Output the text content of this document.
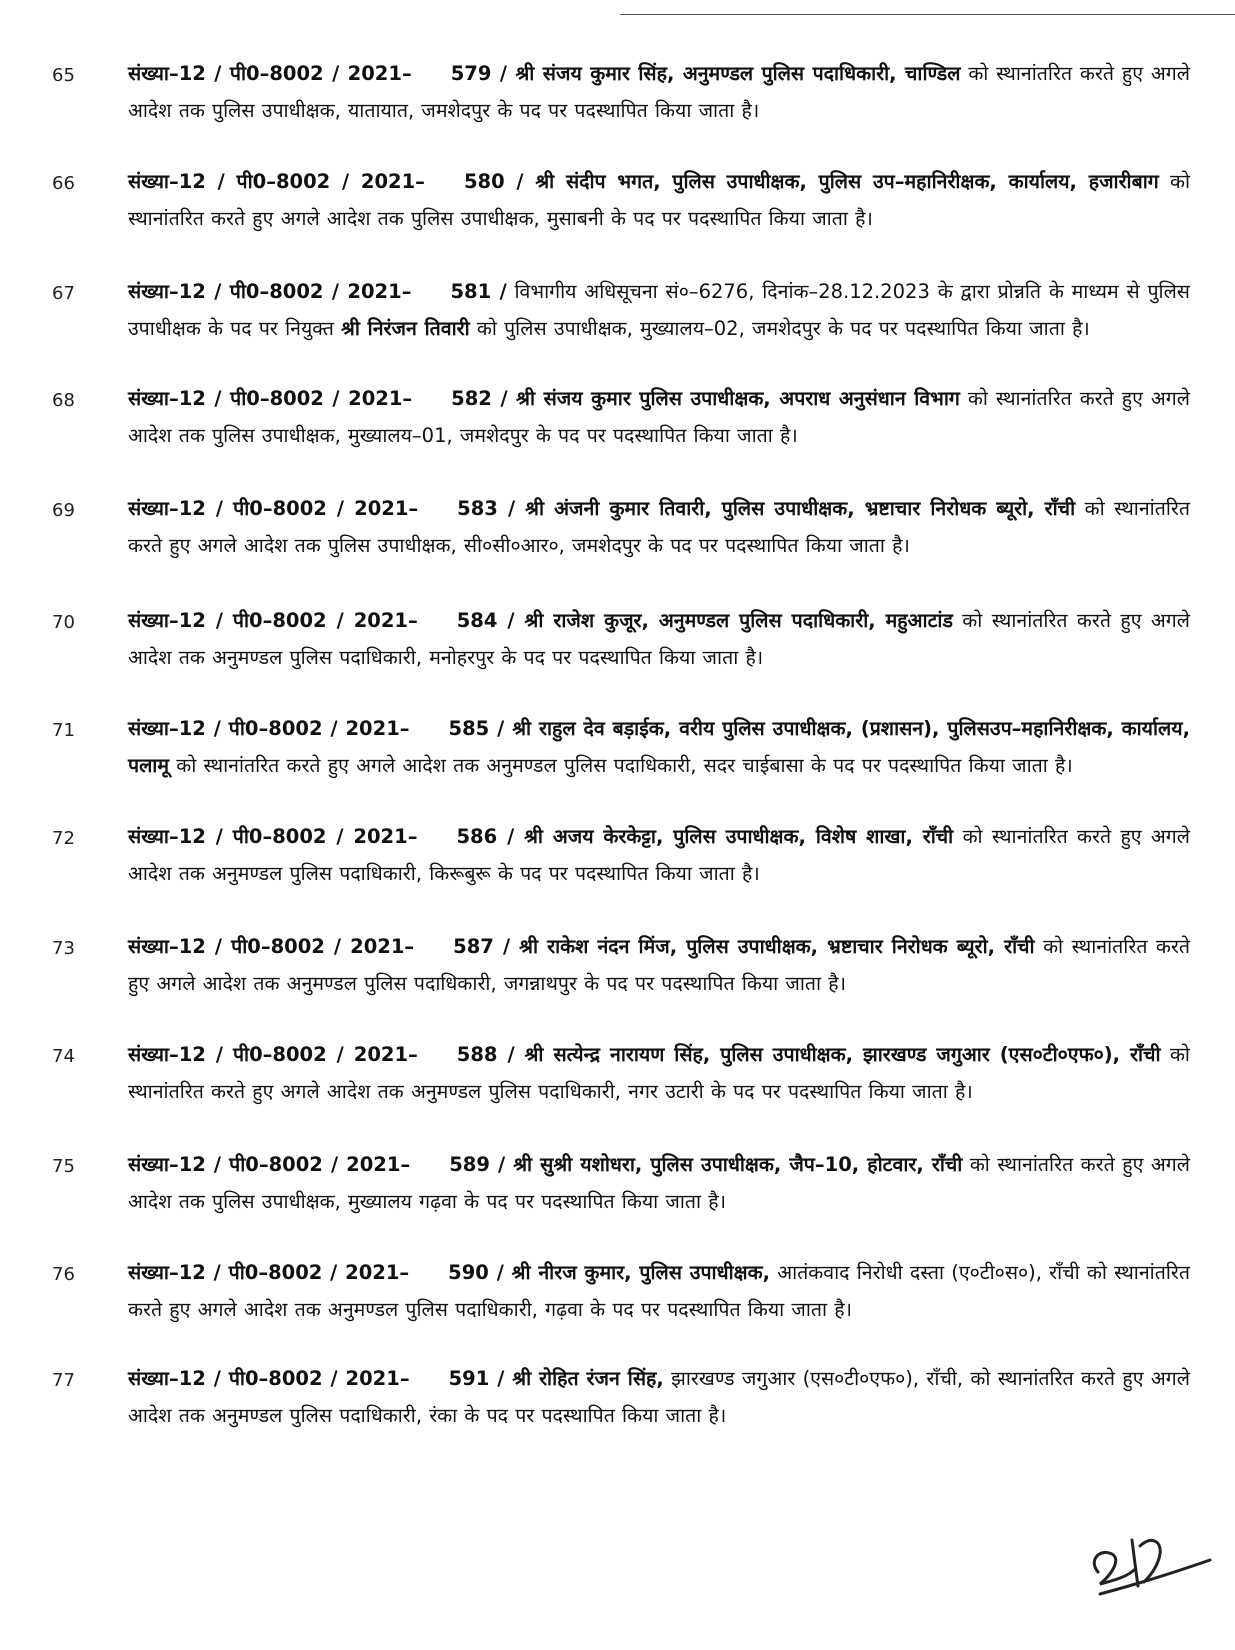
65	संख्या–12 / पी0–8002 / 2021–   579 / श्री संजय कुमार सिंह, अनुमण्डल पुलिस पदाधिकारी, चाण्डिल को स्थानांतरित करते हुए अगले आदेश तक पुलिस उपाधीक्षक, यातायात, जमशेदपुर के पद पर पदस्थापित किया जाता है।
66	संख्या–12 / पी0–8002 / 2021–   580 / श्री संदीप भगत, पुलिस उपाधीक्षक, पुलिस उप–महानिरीक्षक, कार्यालय, हजारीबाग को स्थानांतरित करते हुए अगले आदेश तक पुलिस उपाधीक्षक, मुसाबनी के पद पर पदस्थापित किया जाता है।
67	संख्या–12 / पी0–8002 / 2021–   581 / विभागीय अधिसूचना सं०–6276, दिनांक–28.12.2023 के द्वारा प्रोन्नति के माध्यम से पुलिस उपाधीक्षक के पद पर नियुक्त श्री निरंजन तिवारी को पुलिस उपाधीक्षक, मुख्यालय–02, जमशेदपुर के पद पर पदस्थापित किया जाता है।
68	संख्या–12 / पी0–8002 / 2021–   582 / श्री संजय कुमार पुलिस उपाधीक्षक, अपराध अनुसंधान विभाग को स्थानांतरित करते हुए अगले आदेश तक पुलिस उपाधीक्षक, मुख्यालय–01, जमशेदपुर के पद पर पदस्थापित किया जाता है।
69	संख्या–12 / पी0–8002 / 2021–   583 / श्री अंजनी कुमार तिवारी, पुलिस उपाधीक्षक, भ्रष्टाचार निरोधक ब्यूरो, राँची को स्थानांतरित करते हुए अगले आदेश तक पुलिस उपाधीक्षक, सी०सी०आर०, जमशेदपुर के पद पर पदस्थापित किया जाता है।
70	संख्या–12 / पी0–8002 / 2021–   584 / श्री राजेश कुजूर, अनुमण्डल पुलिस पदाधिकारी, महुआटांड को स्थानांतरित करते हुए अगले आदेश तक अनुमण्डल पुलिस पदाधिकारी, मनोहरपुर के पद पर पदस्थापित किया जाता है।
71	संख्या–12 / पी0–8002 / 2021–   585 / श्री राहुल देव बड़ाईक, वरीय पुलिस उपाधीक्षक, (प्रशासन), पुलिसउप–महानिरीक्षक, कार्यालय, पलामू को स्थानांतरित करते हुए अगले आदेश तक अनुमण्डल पुलिस पदाधिकारी, सदर चाईबासा के पद पर पदस्थापित किया जाता है।
72	संख्या–12 / पी0–8002 / 2021–   586 / श्री अजय केरकेट्टा, पुलिस उपाधीक्षक, विशेष शाखा, राँची को स्थानांतरित करते हुए अगले आदेश तक अनुमण्डल पुलिस पदाधिकारी, किरूबुरू के पद पर पदस्थापित किया जाता है।
73	संख्या–12 / पी0–8002 / 2021–   587 / श्री राकेश नंदन मिंज, पुलिस उपाधीक्षक, भ्रष्टाचार निरोधक ब्यूरो, राँची को स्थानांतरित करते हुए अगले आदेश तक अनुमण्डल पुलिस पदाधिकारी, जगन्नाथपुर के पद पर पदस्थापित किया जाता है।
74	संख्या–12 / पी0–8002 / 2021–   588 / श्री सत्येन्द्र नारायण सिंह, पुलिस उपाधीक्षक, झारखण्ड जगुआर (एस०टी०एफ०), राँची को स्थानांतरित करते हुए अगले आदेश तक अनुमण्डल पुलिस पदाधिकारी, नगर उटारी के पद पर पदस्थापित किया जाता है।
75	संख्या–12 / पी0–8002 / 2021–   589 / श्री सुश्री यशोधरा, पुलिस उपाधीक्षक, जैप–10, होटवार, राँची को स्थानांतरित करते हुए अगले आदेश तक पुलिस उपाधीक्षक, मुख्यालय गढ़वा के पद पर पदस्थापित किया जाता है।
76	संख्या–12 / पी0–8002 / 2021–   590 / श्री नीरज कुमार, पुलिस उपाधीक्षक, आतंकवाद निरोधी दस्ता (ए०टी०स०), राँची को स्थानांतरित करते हुए अगले आदेश तक अनुमण्डल पुलिस पदाधिकारी, गढ़वा के पद पर पदस्थापित किया जाता है।
77	संख्या–12 / पी0–8002 / 2021–   591 / श्री रोहित रंजन सिंह, झारखण्ड जगुआर (एस०टी०एफ०), राँची, को स्थानांतरित करते हुए अगले आदेश तक अनुमण्डल पुलिस पदाधिकारी, रंका के पद पर पदस्थापित किया जाता है।
